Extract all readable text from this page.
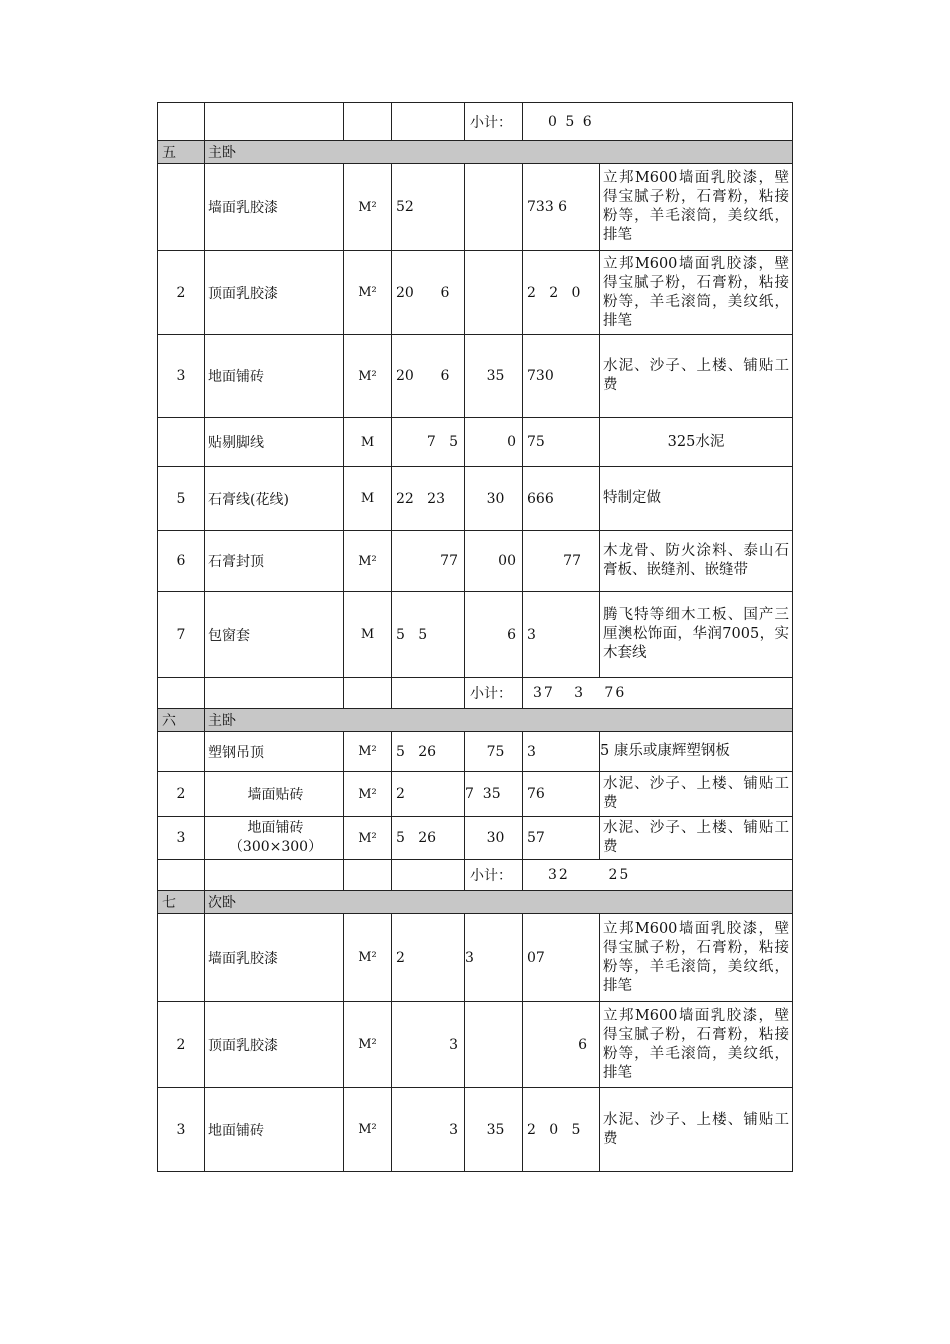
				小计：	0 5 6	
五	主卧					
	墙面乳胶漆	M²	52		733 6	立邦M600墙面乳胶漆，壁得宝腻子粉，石膏粉，粘接粉等，羊毛滚筒，美纹纸，排笔
2	顶面乳胶漆	M²	20      6		2   2   0	立邦M600墙面乳胶漆，壁得宝腻子粉，石膏粉，粘接粉等，羊毛滚筒，美纹纸，排笔
3	地面铺砖	M²	20      6	35	730	水泥、沙子、上楼、铺贴工费
	贴剔脚线	M	7   5	0	75	325水泥
5	石膏线(花线)	M	22   23	30	666	特制定做
6	石膏封顶	M²	77	00	77	木龙骨、防火涂料、泰山石膏板、嵌缝剂、嵌缝带
7	包窗套	M	5   5	6	3	腾飞特等细木工板、国产三厘澳松饰面，华润7005，实木套线
				小计：	37   3   76	
六	主卧					
	塑钢吊顶	M²	5   26	75	3	5 康乐或康辉塑钢板
2	墙面贴砖	M²	2	7  35	76	水泥、沙子、上楼、铺贴工费
3	地面铺砖（300×300）	M²	5   26	30	57	水泥、沙子、上楼、铺贴工费
				小计：	32      25	
七	次卧					
	墙面乳胶漆	M²	2	3	07	立邦M600墙面乳胶漆，壁得宝腻子粉，石膏粉，粘接粉等，羊毛滚筒，美纹纸，排笔
2	顶面乳胶漆	M²	3		6	立邦M600墙面乳胶漆，壁得宝腻子粉，石膏粉，粘接粉等，羊毛滚筒，美纹纸，排笔
3	地面铺砖	M²	3	35	2   0   5	水泥、沙子、上楼、铺贴工费
